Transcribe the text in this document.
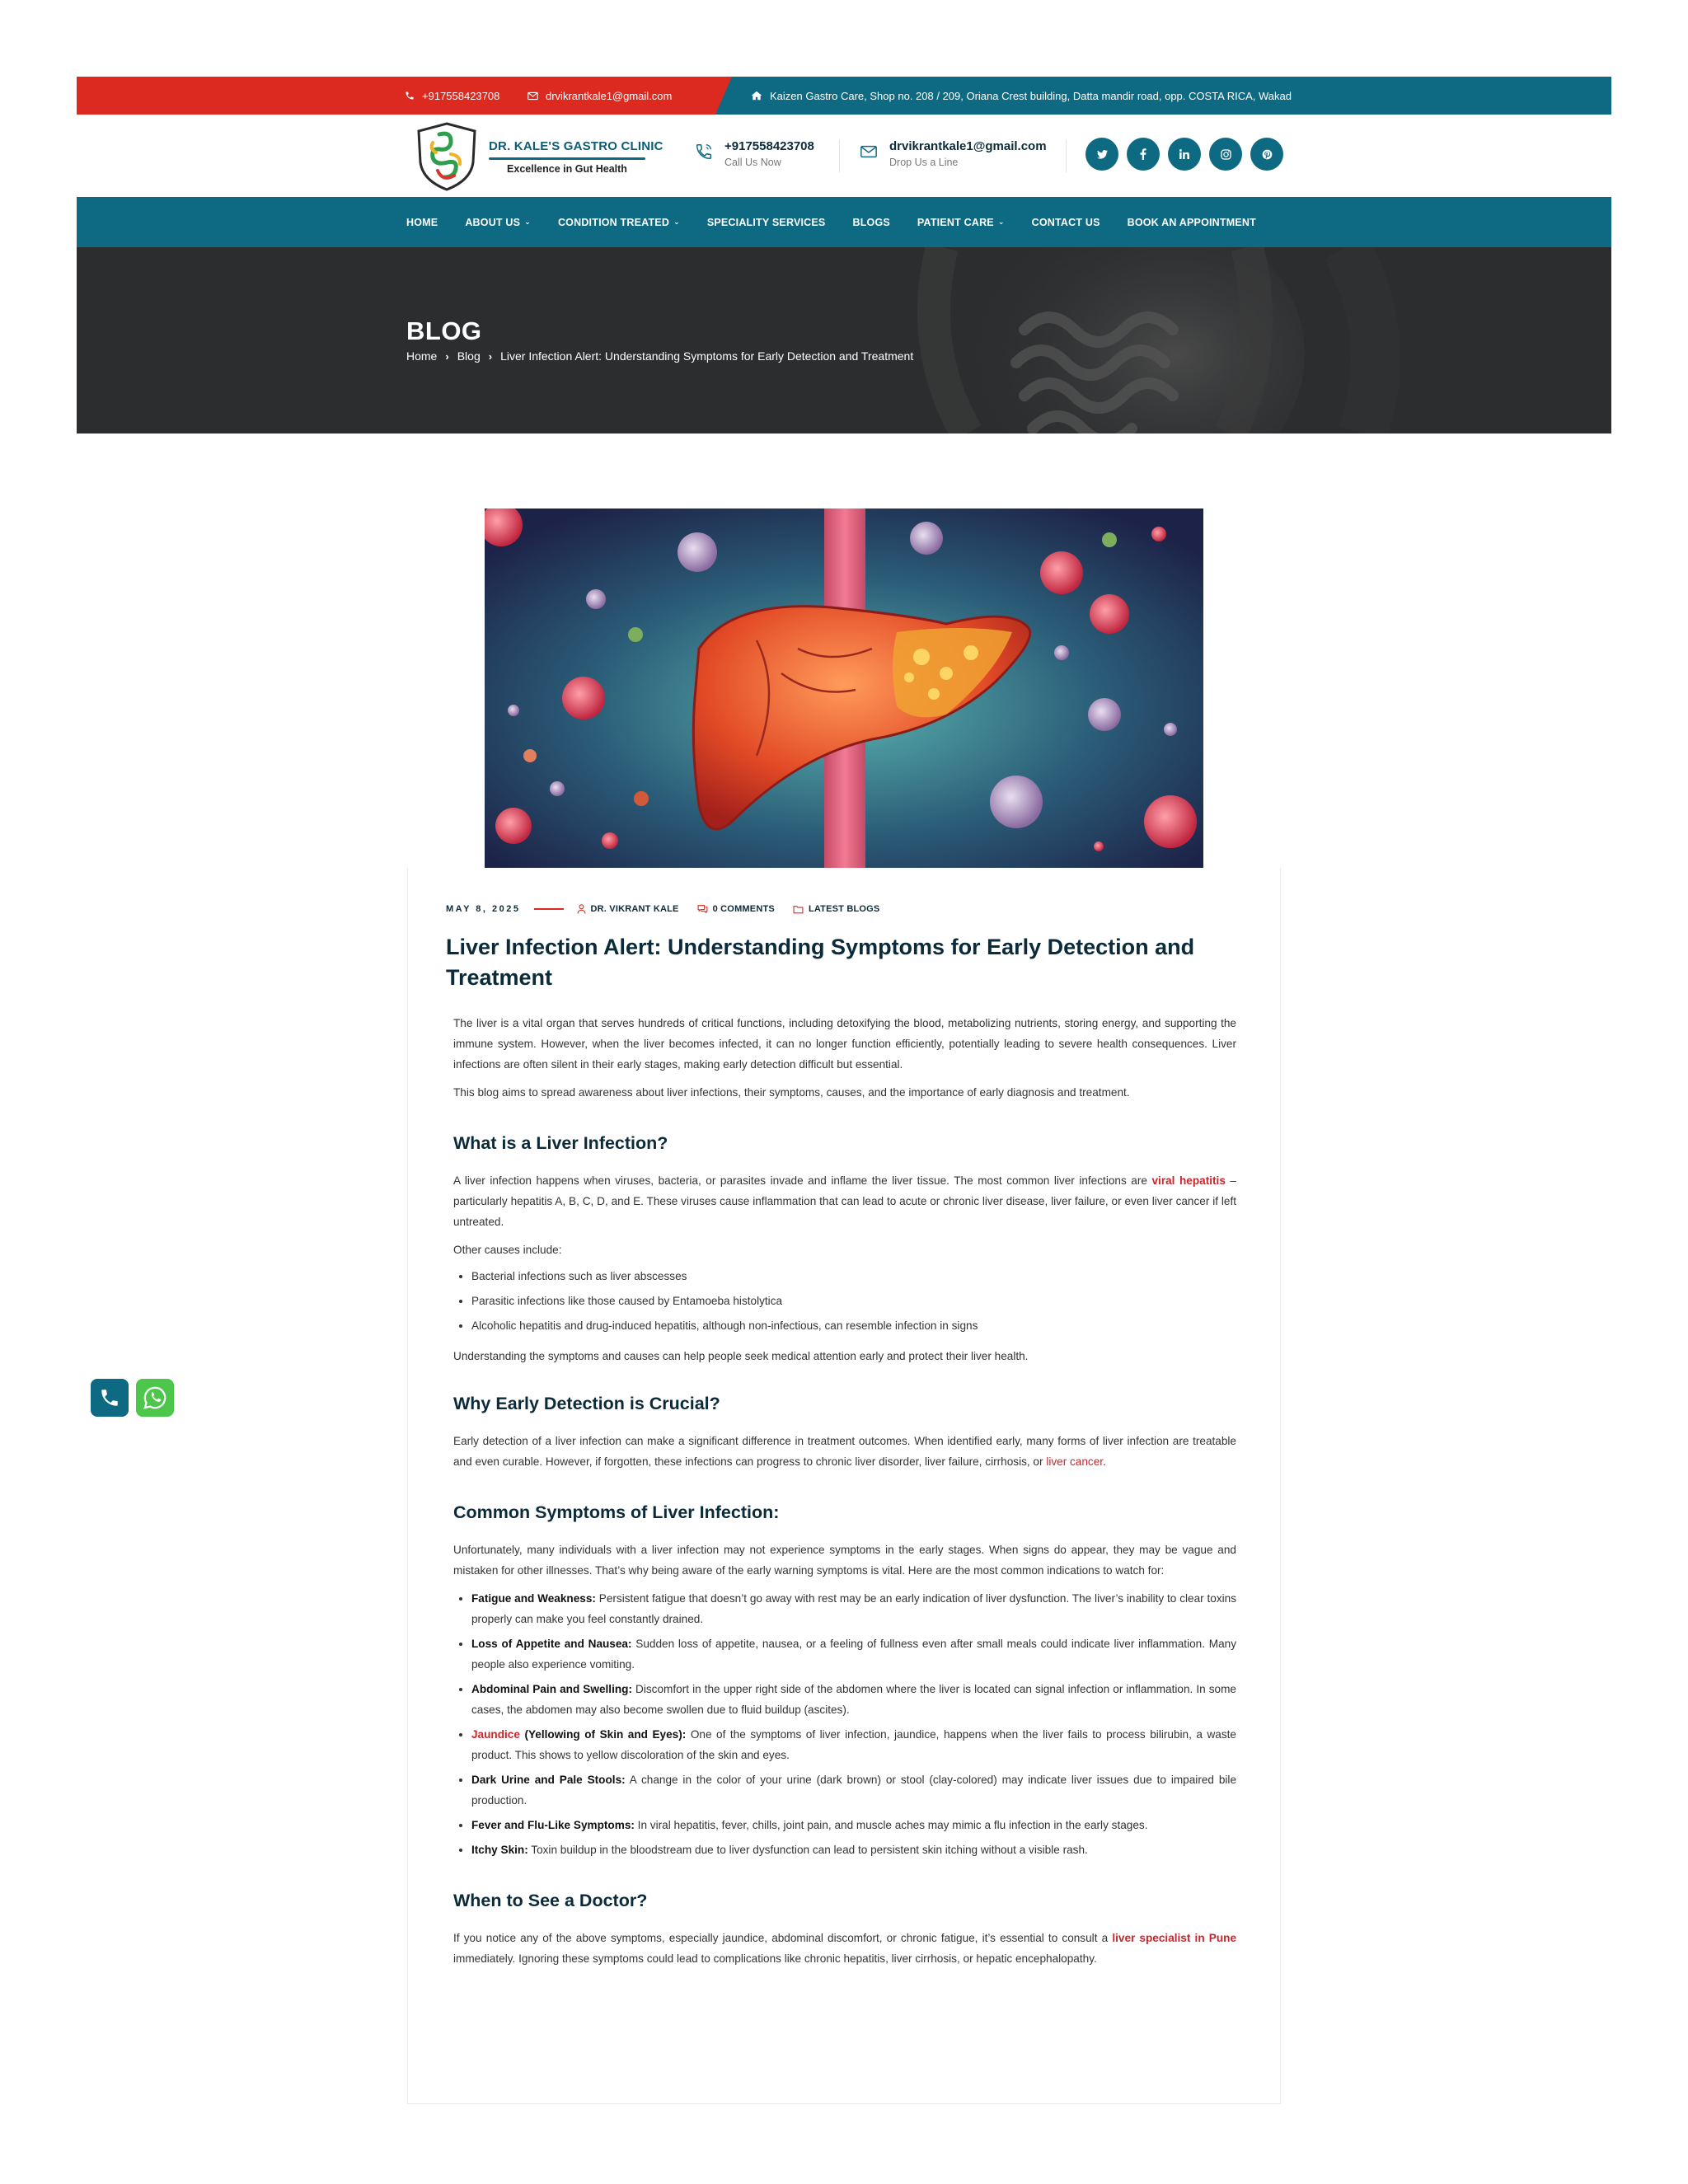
+917558423708	drvikrantkale1@gmail.com	Kaizen Gastro Care, Shop no. 208 / 209, Oriana Crest building, Datta mandir road, opp. COSTA RICA, Wakad
DR. KALE'S GASTRO CLINIC
Excellence in Gut Health
+917558423708
Call Us Now
drvikrantkale1@gmail.com
Drop Us a Line
HOME	ABOUT US ⌄	CONDITION TREATED ⌄	SPECIALITY SERVICES	BLOGS	PATIENT CARE ⌄	CONTACT US	BOOK AN APPOINTMENT
BLOG
Home › Blog › Liver Infection Alert: Understanding Symptoms for Early Detection and Treatment
MAY 8, 2025	DR. VIKRANT KALE	0 COMMENTS	LATEST BLOGS
Liver Infection Alert: Understanding Symptoms for Early Detection and Treatment

The liver is a vital organ that serves hundreds of critical functions, including detoxifying the blood, metabolizing nutrients, storing energy, and supporting the immune system. However, when the liver becomes infected, it can no longer function efficiently, potentially leading to severe health consequences. Liver infections are often silent in their early stages, making early detection difficult but essential.

This blog aims to spread awareness about liver infections, their symptoms, causes, and the importance of early diagnosis and treatment.

What is a Liver Infection?

A liver infection happens when viruses, bacteria, or parasites invade and inflame the liver tissue. The most common liver infections are viral hepatitis – particularly hepatitis A, B, C, D, and E. These viruses cause inflammation that can lead to acute or chronic liver disease, liver failure, or even liver cancer if left untreated.

Other causes include:

• Bacterial infections such as liver abscesses
• Parasitic infections like those caused by Entamoeba histolytica
• Alcoholic hepatitis and drug-induced hepatitis, although non-infectious, can resemble infection in signs

Understanding the symptoms and causes can help people seek medical attention early and protect their liver health.

Why Early Detection is Crucial?

Early detection of a liver infection can make a significant difference in treatment outcomes. When identified early, many forms of liver infection are treatable and even curable. However, if forgotten, these infections can progress to chronic liver disorder, liver failure, cirrhosis, or liver cancer.

Common Symptoms of Liver Infection:

Unfortunately, many individuals with a liver infection may not experience symptoms in the early stages. When signs do appear, they may be vague and mistaken for other illnesses. That’s why being aware of the early warning symptoms is vital. Here are the most common indications to watch for:

• Fatigue and Weakness: Persistent fatigue that doesn’t go away with rest may be an early indication of liver dysfunction. The liver’s inability to clear toxins properly can make you feel constantly drained.
• Loss of Appetite and Nausea: Sudden loss of appetite, nausea, or a feeling of fullness even after small meals could indicate liver inflammation. Many people also experience vomiting.
• Abdominal Pain and Swelling: Discomfort in the upper right side of the abdomen where the liver is located can signal infection or inflammation. In some cases, the abdomen may also become swollen due to fluid buildup (ascites).
• Jaundice (Yellowing of Skin and Eyes): One of the symptoms of liver infection, jaundice, happens when the liver fails to process bilirubin, a waste product. This shows to yellow discoloration of the skin and eyes.
• Dark Urine and Pale Stools: A change in the color of your urine (dark brown) or stool (clay-colored) may indicate liver issues due to impaired bile production.
• Fever and Flu-Like Symptoms: In viral hepatitis, fever, chills, joint pain, and muscle aches may mimic a flu infection in the early stages.
• Itchy Skin: Toxin buildup in the bloodstream due to liver dysfunction can lead to persistent skin itching without a visible rash.
When to See a Doctor?

If you notice any of the above symptoms, especially jaundice, abdominal discomfort, or chronic fatigue, it’s essential to consult a liver specialist in Pune immediately. Ignoring these symptoms could lead to complications like chronic hepatitis, liver cirrhosis, or hepatic encephalopathy.
